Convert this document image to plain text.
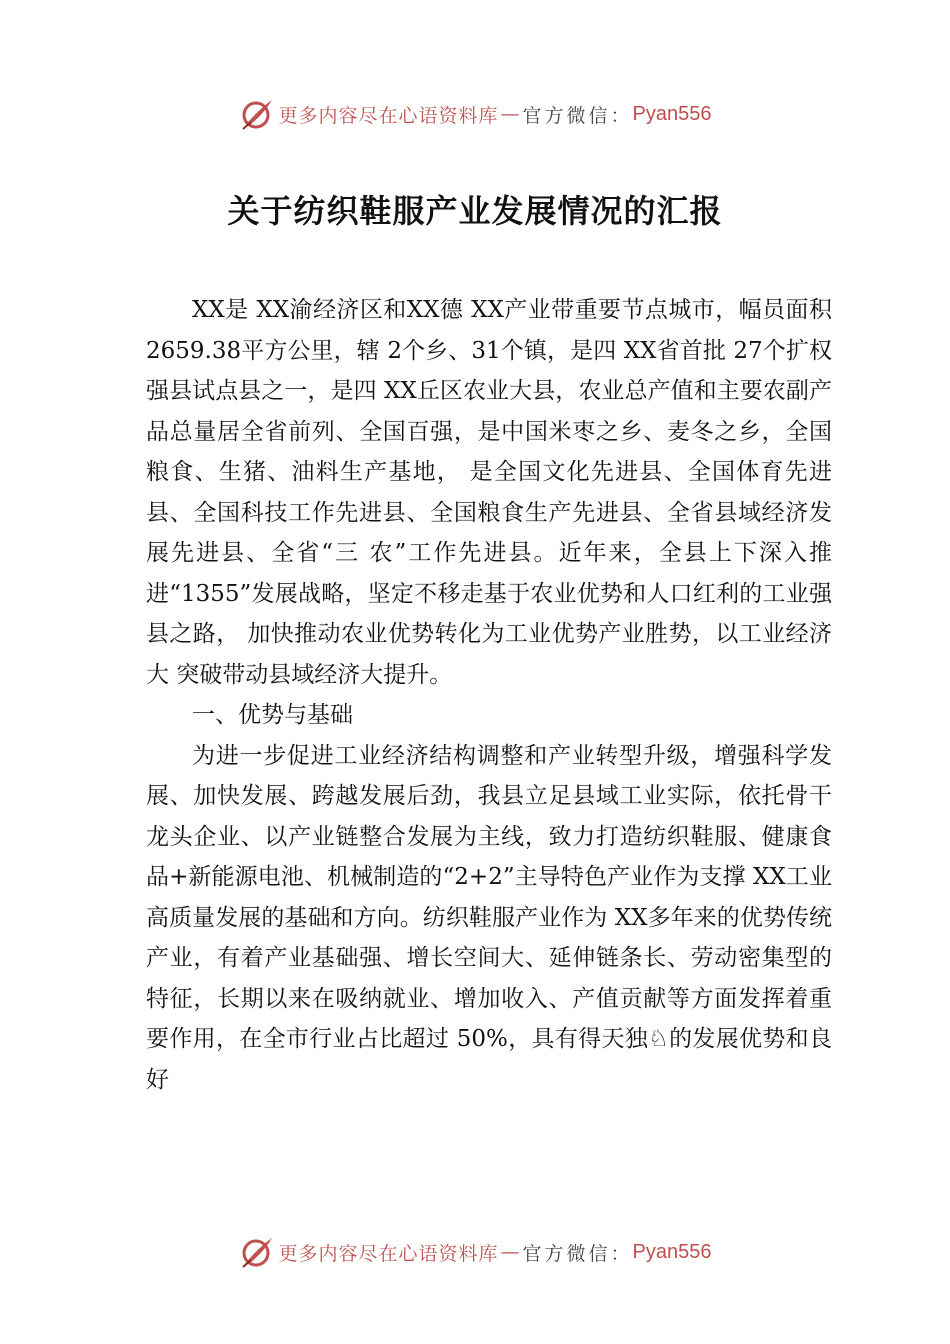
更多内容尽在心语资料库 — 官方微信： Pyan556
关于纺织鞋服产业发展情况的汇报

XX是 XX渝经济区和XX德 XX产业带重要节点城市，幅员面积 2659.38平方公里，辖 2个乡、31个镇，是四 XX省首批 27个扩权强县试点县之一，是四 XX丘区农业大县，农业总产值和主要农副产品总量居全省前列、全国百强，是中国米枣之乡、麦冬之乡，全国粮食、生猪、油料生产基地， 是全国文化先进县、全国体育先进县、全国科技工作先进县、全国粮食生产先进县、全省县域经济发展先进县、全省“三 农”工作先进县。近年来，全县上下深入推进“1355”发展战略，坚定不移走基于农业优势和人口红利的工业强县之路， 加快推动农业优势转化为工业优势产业胜势，以工业经济大 突破带动县域经济大提升。

一、优势与基础

为进一步促进工业经济结构调整和产业转型升级，增强科学发展、加快发展、跨越发展后劲，我县立足县域工业实际，依托骨干龙头企业、以产业链整合发展为主线，致力打造纺织鞋服、健康食品+新能源电池、机械制造的“2+2”主导特色产业作为支撑 XX工业高质量发展的基础和方向。纺织鞋服产业作为 XX多年来的优势传统产业，有着产业基础强、增长空间大、延伸链条长、劳动密集型的特征，长期以来在吸纳就业、增加收入、产值贡献等方面发挥着重要作用，在全市行业占比超过 50%，具有得天独♘的发展优势和良好

更多内容尽在心语资料库 — 官方微信： Pyan556
